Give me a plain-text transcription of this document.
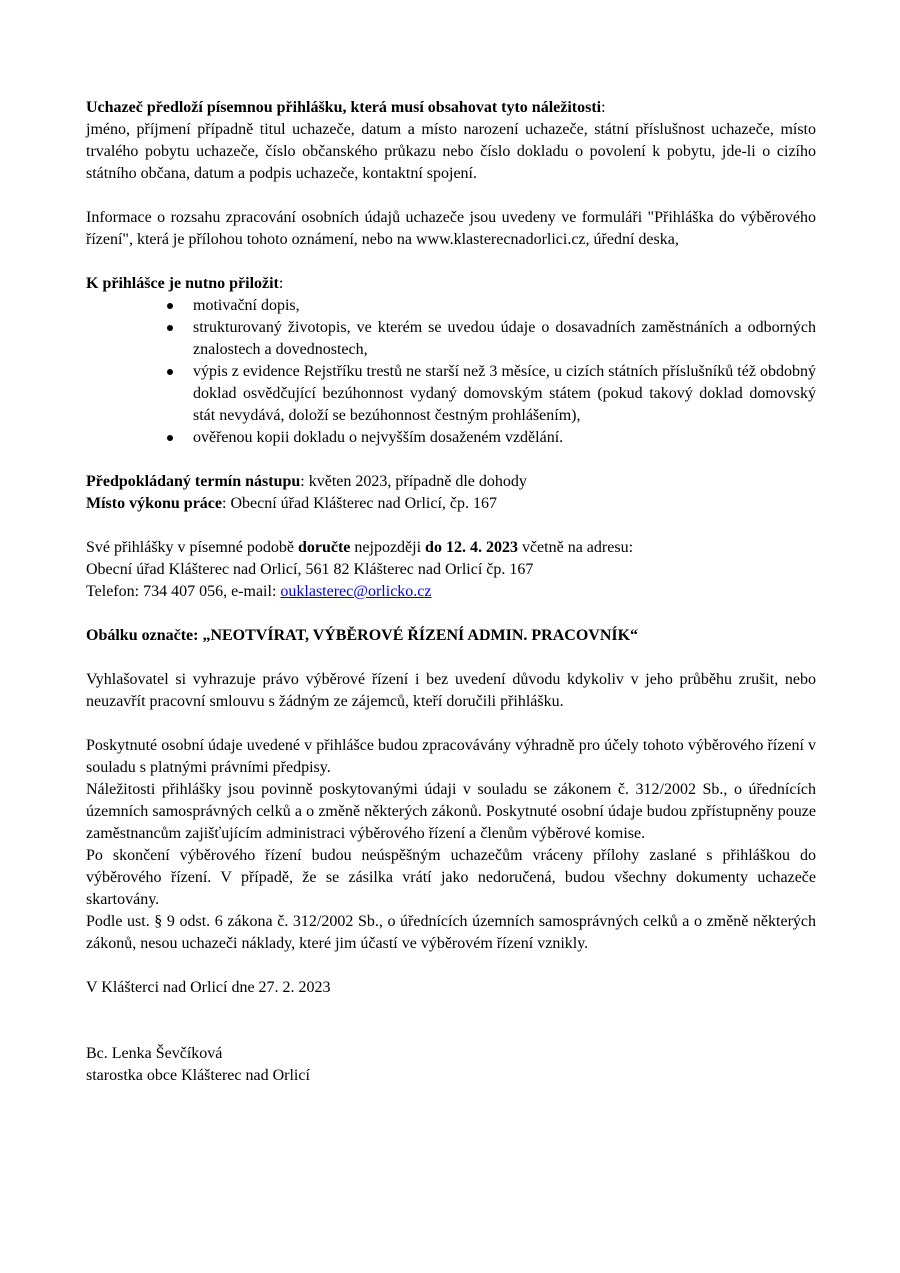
Uchazeč předloží písemnou přihlášku, která musí obsahovat tyto náležitosti:

jméno, příjmení případně titul uchazeče, datum a místo narození uchazeče, státní příslušnost uchazeče, místo trvalého pobytu uchazeče, číslo občanského průkazu nebo číslo dokladu o povolení k pobytu, jde-li o cizího státního občana, datum a podpis uchazeče, kontaktní spojení.

Informace o rozsahu zpracování osobních údajů uchazeče jsou uvedeny ve formuláři "Přihláška do výběrového řízení", která je přílohou tohoto oznámení, nebo na www.klasterecnadorlici.cz, úřední deska,

K přihlášce je nutno přiložit:

motivační dopis,
strukturovaný životopis, ve kterém se uvedou údaje o dosavadních zaměstnáních a odborných znalostech a dovednostech,
výpis z evidence Rejstříku trestů ne starší než 3 měsíce, u cizích státních příslušníků též obdobný doklad osvědčující bezúhonnost vydaný domovským státem (pokud takový doklad domovský stát nevydává, doloží se bezúhonnost čestným prohlášením),
ověřenou kopii dokladu o nejvyšším dosaženém vzdělání.

Předpokládaný termín nástupu: květen 2023, případně dle dohody

Místo výkonu práce: Obecní úřad Klášterec nad Orlicí, čp. 167

Své přihlášky v písemné podobě doručte nejpozději do 12. 4. 2023 včetně na adresu:

Obecní úřad Klášterec nad Orlicí, 561 82 Klášterec nad Orlicí čp. 167

Telefon: 734 407 056, e-mail: ouklasterec@orlicko.cz

Obálku označte: „NEOTVÍRAT, VÝBĚROVÉ ŘÍZENÍ ADMIN. PRACOVNÍK“

Vyhlašovatel si vyhrazuje právo výběrové řízení i bez uvedení důvodu kdykoliv v jeho průběhu zrušit, nebo neuzavřít pracovní smlouvu s žádným ze zájemců, kteří doručili přihlášku.

Poskytnuté osobní údaje uvedené v přihlášce budou zpracovávány výhradně pro účely tohoto výběrového řízení v souladu s platnými právními předpisy.

Náležitosti přihlášky jsou povinně poskytovanými údaji v souladu se zákonem č. 312/2002 Sb., o úřednících územních samosprávných celků a o změně některých zákonů. Poskytnuté osobní údaje budou zpřístupněny pouze zaměstnancům zajišťujícím administraci výběrového řízení a členům výběrové komise.

Po skončení výběrového řízení budou neúspěšným uchazečům vráceny přílohy zaslané s přihláškou do výběrového řízení. V případě, že se zásilka vrátí jako nedoručená, budou všechny dokumenty uchazeče skartovány.

Podle ust. § 9 odst. 6 zákona č. 312/2002 Sb., o úřednících územních samosprávných celků a o změně některých zákonů, nesou uchazeči náklady, které jim účastí ve výběrovém řízení vznikly.

V Klášterci nad Orlicí dne 27. 2. 2023

Bc. Lenka Ševčíková

starostka obce Klášterec nad Orlicí
